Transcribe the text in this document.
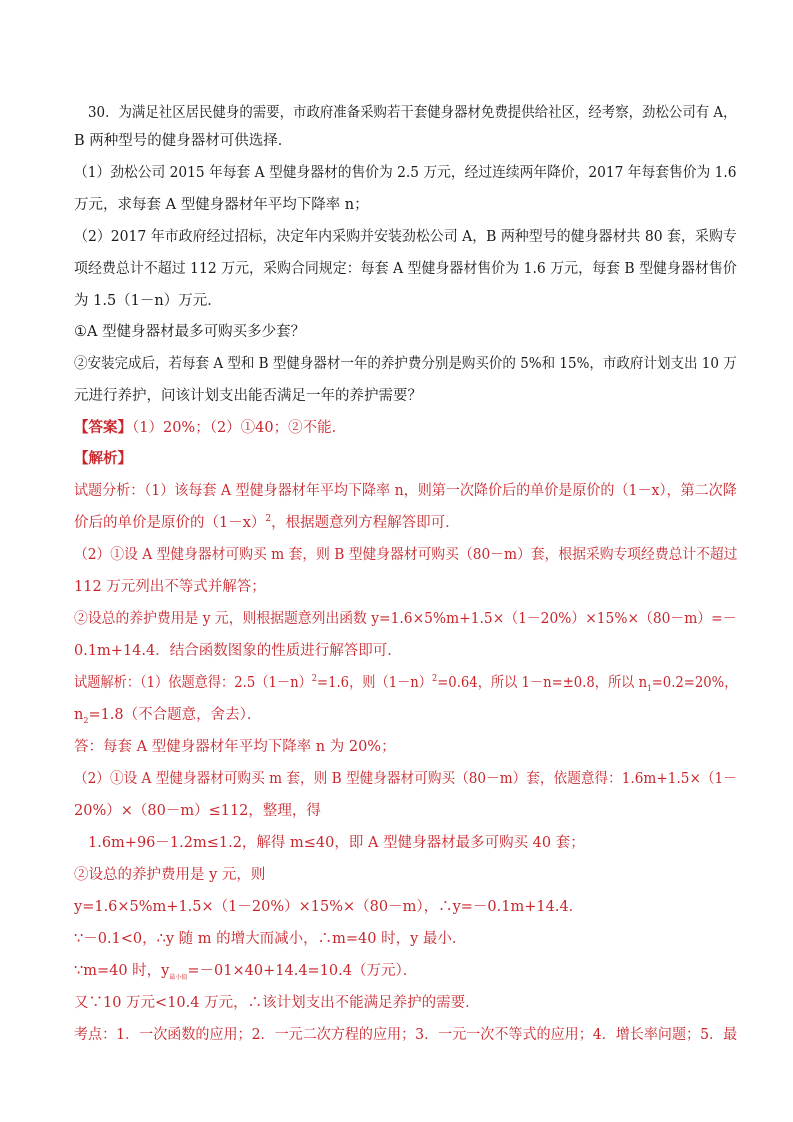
30．为满足社区居民健身的需要，市政府准备采购若干套健身器材免费提供给社区，经考察，劲松公司有 A，
B 两种型号的健身器材可供选择．
（1）劲松公司 2015 年每套 A 型健身器材的售价为 2.5 万元，经过连续两年降价，2017 年每套售价为 1.6
万元，求每套 A 型健身器材年平均下降率 n；
（2）2017 年市政府经过招标，决定年内采购并安装劲松公司 A，B 两种型号的健身器材共 80 套，采购专
项经费总计不超过 112 万元，采购合同规定：每套 A 型健身器材售价为 1.6 万元，每套 B 型健身器材售价
为 1.5（1－n）万元．
①A 型健身器材最多可购买多少套？
②安装完成后，若每套 A 型和 B 型健身器材一年的养护费分别是购买价的 5%和 15%，市政府计划支出 10 万
元进行养护，问该计划支出能否满足一年的养护需要？
【答案】（1）20%；（2）①40；②不能．
【解析】
试题分析：（1）该每套 A 型健身器材年平均下降率 n，则第一次降价后的单价是原价的（1－x），第二次降
价后的单价是原价的$(1-x)^2$，根据题意列方程解答即可．
（2）①设 A 型健身器材可购买 m 套，则 B 型健身器材可购买（80－m）套，根据采购专项经费总计不超过
112 万元列出不等式并解答；
②设总的养护费用是 y 元，则根据题意列出函数 y=1.6×5%m+1.5×（1－20%）×15%×（80－m）=－
0.1m+14.4．结合函数图象的性质进行解答即可．
试题解析：（1）依题意得：$2.5(1-n)^2=1.6$，则$(1-n)^2=0.64$，所以 1－n=±0.8，所以 $n_1=0.2=20\%$，
$n_2=1.8$（不合题意，舍去）．
答：每套 A 型健身器材年平均下降率 n 为 20%；
（2）①设 A 型健身器材可购买 m 套，则 B 型健身器材可购买（80－m）套，依题意得：1.6m+1.5×（1－
20%）×（80－m）≤112，整理，得
1.6m+96－1.2m≤1.2，解得 m≤40，即 A 型健身器材最多可购买 40 套；
②设总的养护费用是 y 元，则
y=1.6×5%m+1.5×（1－20%）×15%×（80－m），∴y=－0.1m+14.4．
∵－0.1<0，∴y 随 m 的增大而减小，∴m=40 时，y 最小．
∵m=40 时，$y_{最小值}=-01\times 40+14.4=10.4$（万元）．
又∵10 万元<10.4 万元，∴该计划支出不能满足养护的需要．
考点：1．一次函数的应用；2．一元二次方程的应用；3．一元一次不等式的应用；4．增长率问题；5．最
